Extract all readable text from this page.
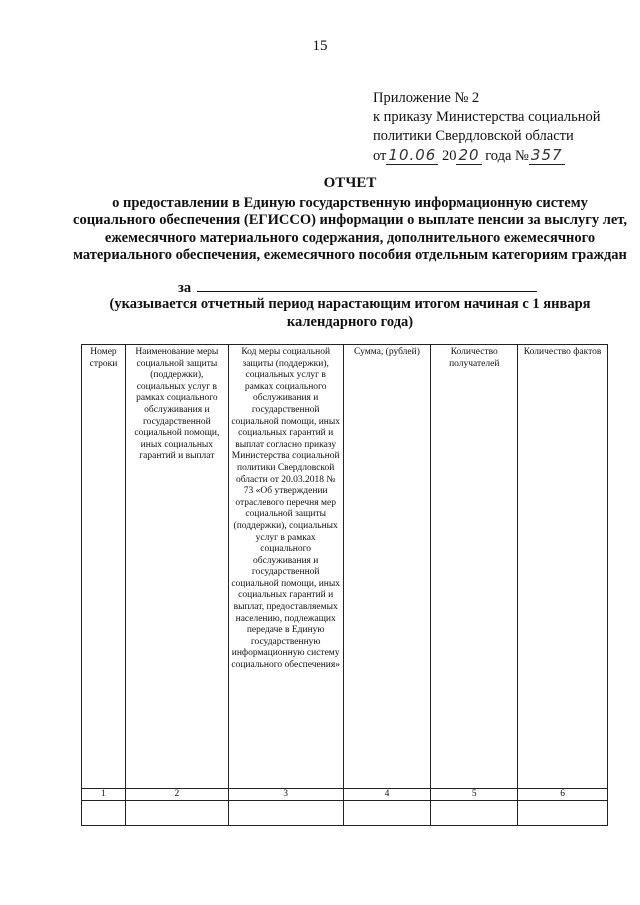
15
Приложение № 2
к приказу Министерства социальной
политики Свердловской области
от 10.06 20 20 года № 357
ОТЧЕТ
о предоставлении в Единую государственную информационную систему социального обеспечения (ЕГИССО) информации о выплате пенсии за выслугу лет, ежемесячного материального содержания, дополнительного ежемесячного материального обеспечения, ежемесячного пособия отдельным категориям граждан
за
(указывается отчетный период нарастающим итогом начиная с 1 января календарного года)
Номер строки	Наименование меры социальной защиты (поддержки), социальных услуг в рамках социального обслуживания и государственной социальной помощи, иных социальных гарантий и выплат	Код меры социальной защиты (поддержки), социальных услуг в рамках социального обслуживания и государственной социальной помощи, иных социальных гарантий и выплат согласно приказу Министерства социальной политики Свердловской области от 20.03.2018 № 73 «Об утверждении отраслевого перечня мер социальной защиты (поддержки), социальных услуг в рамках социального обслуживания и государственной социальной помощи, иных социальных гарантий и выплат, предоставляемых населению, подлежащих передаче в Единую государственную информационную систему социального обеспечения»	Сумма, (рублей)	Количество получателей	Количество фактов
1	2	3	4	5	6
